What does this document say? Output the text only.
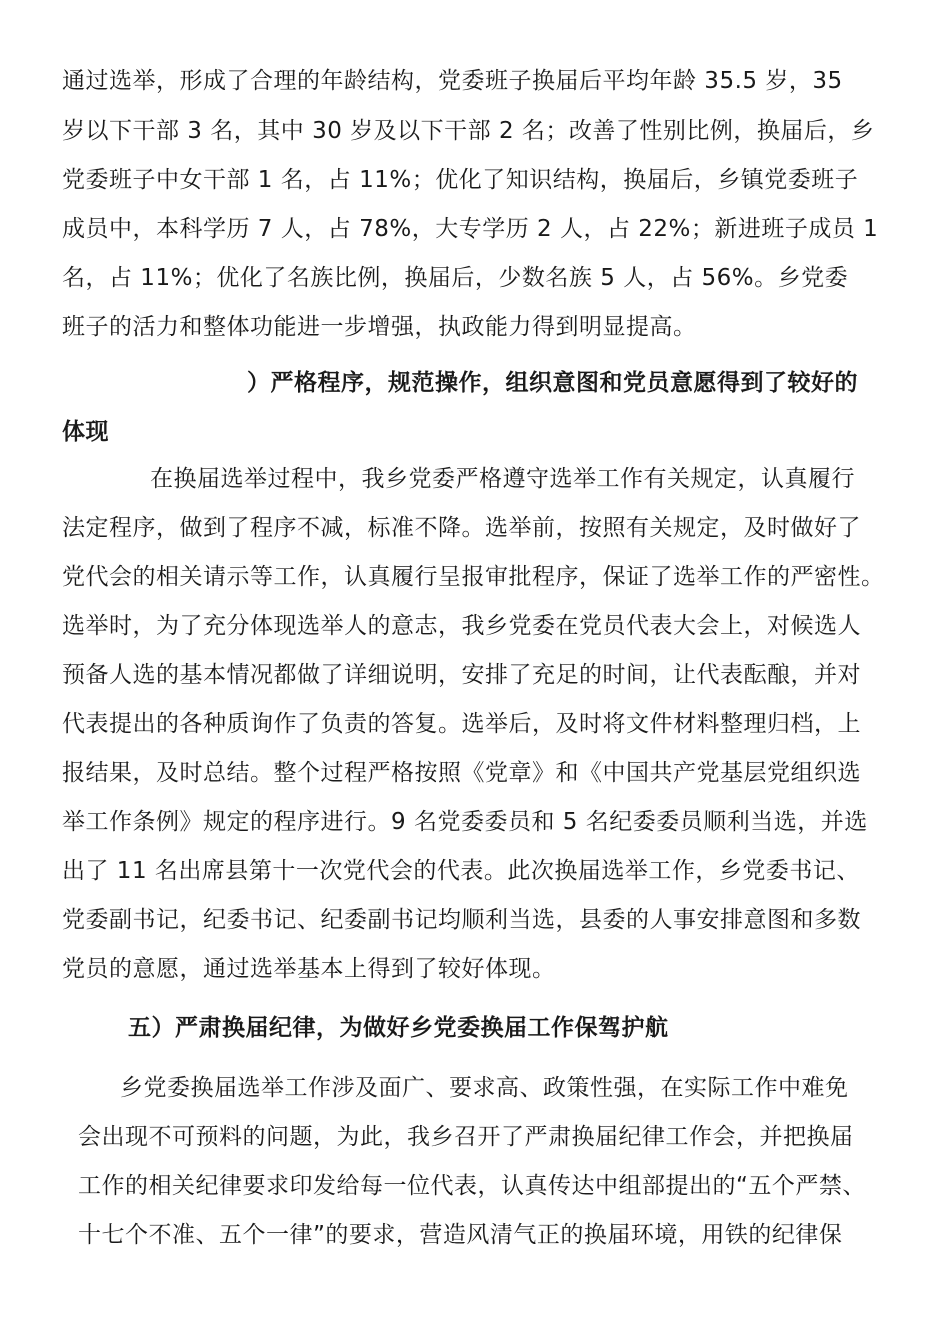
通过选举，形成了合理的年龄结构，党委班子换届后平均年龄 35.5 岁，35
岁以下干部 3 名，其中 30 岁及以下干部 2 名；改善了性别比例，换届后，乡
党委班子中女干部 1 名，占 11%；优化了知识结构，换届后，乡镇党委班子
成员中，本科学历 7 人，占 78%，大专学历 2 人，占 22%；新进班子成员 1
名，占 11%；优化了名族比例，换届后，少数名族 5 人，占 56%。乡党委
班子的活力和整体功能进一步增强，执政能力得到明显提高。
）严格程序，规范操作，组织意图和党员意愿得到了较好的
体现
在换届选举过程中，我乡党委严格遵守选举工作有关规定，认真履行
法定程序，做到了程序不减，标准不降。选举前，按照有关规定，及时做好了
党代会的相关请示等工作，认真履行呈报审批程序，保证了选举工作的严密性。
选举时，为了充分体现选举人的意志，我乡党委在党员代表大会上，对候选人
预备人选的基本情况都做了详细说明，安排了充足的时间，让代表酝酿，并对
代表提出的各种质询作了负责的答复。选举后，及时将文件材料整理归档，上
报结果，及时总结。整个过程严格按照《党章》和《中国共产党基层党组织选
举工作条例》规定的程序进行。9 名党委委员和 5 名纪委委员顺利当选，并选
出了 11 名出席县第十一次党代会的代表。此次换届选举工作，乡党委书记、
党委副书记，纪委书记、纪委副书记均顺利当选，县委的人事安排意图和多数
党员的意愿，通过选举基本上得到了较好体现。
五）严肃换届纪律，为做好乡党委换届工作保驾护航
乡党委换届选举工作涉及面广、要求高、政策性强，在实际工作中难免
会出现不可预料的问题，为此，我乡召开了严肃换届纪律工作会，并把换届
工作的相关纪律要求印发给每一位代表，认真传达中组部提出的“五个严禁、
十七个不准、五个一律”的要求，营造风清气正的换届环境，用铁的纪律保
